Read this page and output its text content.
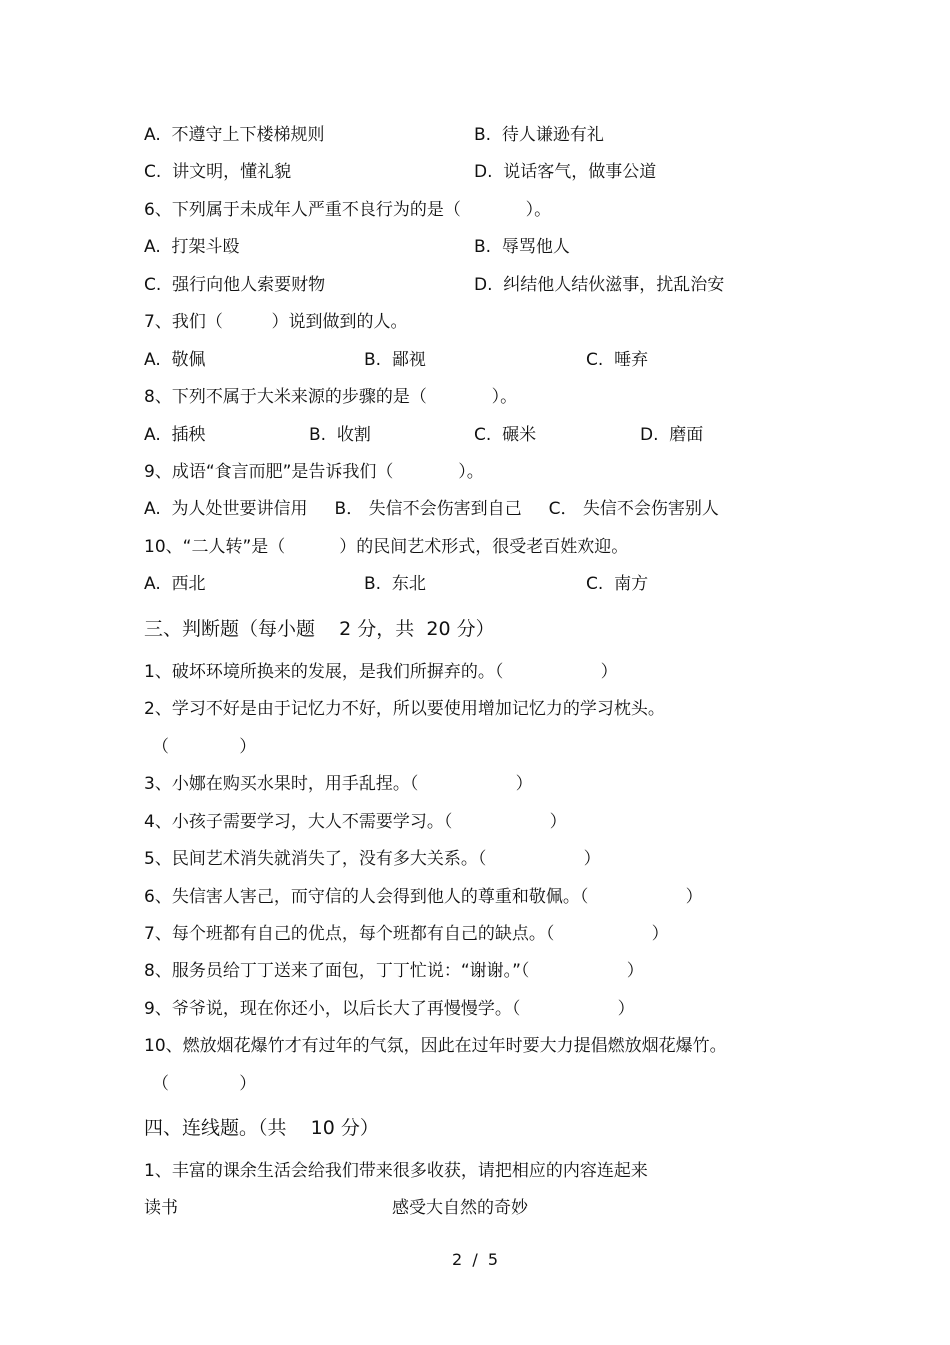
A.  不遵守上下楼梯规则	B.  待人谦逊有礼
C.  讲文明，懂礼貌	D.  说话客气，做事公道
6、下列属于未成年人严重不良行为的是（            ）。
A.  打架斗殴	B.  辱骂他人
C.  强行向他人索要财物	D.  纠结他人结伙滋事，扰乱治安
7、我们（         ）说到做到的人。
A.  敬佩	B.  鄙视	C.  唾弃
8、下列不属于大米来源的步骤的是（            ）。
A.  插秧	B.  收割	C.  碾米	D.  磨面
9、成语“食言而肥”是告诉我们（            ）。
A.  为人处世要讲信用     B． 失信不会伤害到自己     C． 失信不会伤害别人
10、“二人转”是（          ）的民间艺术形式，很受老百姓欢迎。
A.  西北	B.  东北	C.  南方
三、判断题（每小题    2 分，共  20 分）
1、破坏环境所换来的发展，是我们所摒弃的。（                  ）
2、学习不好是由于记忆力不好，所以要使用增加记忆力的学习枕头。
（             ）
3、小娜在购买水果时，用手乱捏。（                  ）
4、小孩子需要学习，大人不需要学习。（                  ）
5、民间艺术消失就消失了，没有多大关系。（                  ）
6、失信害人害己，而守信的人会得到他人的尊重和敬佩。（                  ）
7、每个班都有自己的优点，每个班都有自己的缺点。（                  ）
8、服务员给丁丁送来了面包，丁丁忙说：“谢谢。”（                  ）
9、爷爷说，现在你还小，以后长大了再慢慢学。（                  ）
10、燃放烟花爆竹才有过年的气氛，因此在过年时要大力提倡燃放烟花爆竹。
（             ）
四、连线题。（共    10 分）
1、丰富的课余生活会给我们带来很多收获，请把相应的内容连起来
读书	感受大自然的奇妙
2  /  5
